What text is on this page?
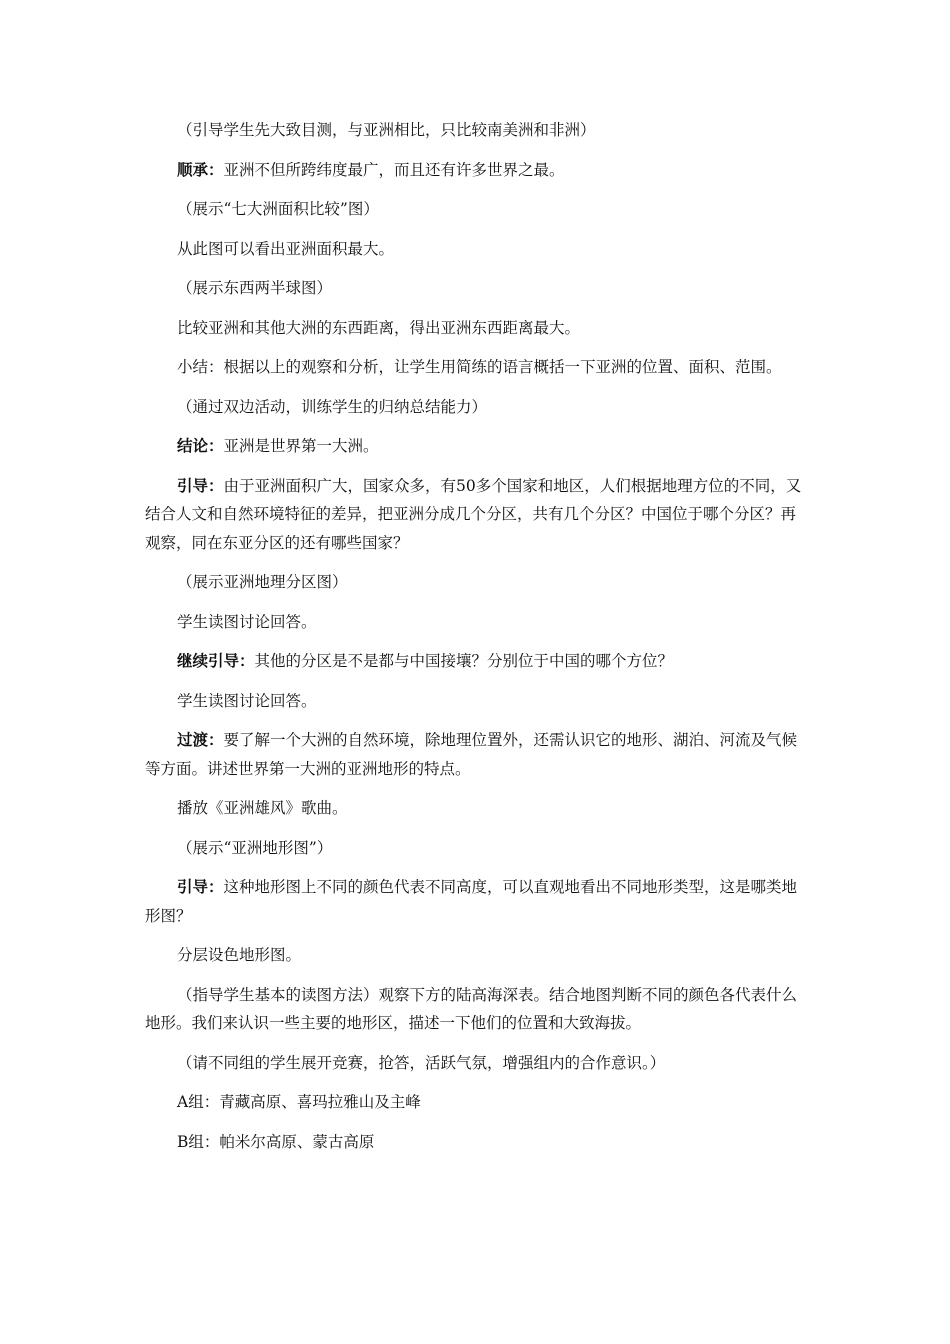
（引导学生先大致目测，与亚洲相比，只比较南美洲和非洲）

顺承：亚洲不但所跨纬度最广，而且还有许多世界之最。

（展示“七大洲面积比较”图）

从此图可以看出亚洲面积最大。

（展示东西两半球图）

比较亚洲和其他大洲的东西距离，得出亚洲东西距离最大。

小结：根据以上的观察和分析，让学生用简练的语言概括一下亚洲的位置、面积、范围。

（通过双边活动，训练学生的归纳总结能力）

结论：亚洲是世界第一大洲。

引导：由于亚洲面积广大，国家众多，有50多个国家和地区，人们根据地理方位的不同，又结合人文和自然环境特征的差异，把亚洲分成几个分区，共有几个分区？中国位于哪个分区？再观察，同在东亚分区的还有哪些国家？

（展示亚洲地理分区图）

学生读图讨论回答。

继续引导：其他的分区是不是都与中国接壤？分别位于中国的哪个方位？

学生读图讨论回答。

过渡：要了解一个大洲的自然环境，除地理位置外，还需认识它的地形、湖泊、河流及气候等方面。讲述世界第一大洲的亚洲地形的特点。

播放《亚洲雄风》歌曲。

（展示“亚洲地形图”）

引导：这种地形图上不同的颜色代表不同高度，可以直观地看出不同地形类型，这是哪类地形图？

分层设色地形图。

（指导学生基本的读图方法）观察下方的陆高海深表。结合地图判断不同的颜色各代表什么地形。我们来认识一些主要的地形区，描述一下他们的位置和大致海拔。

（请不同组的学生展开竞赛，抢答，活跃气氛，增强组内的合作意识。）

A组：青藏高原、喜玛拉雅山及主峰

B组：帕米尔高原、蒙古高原
